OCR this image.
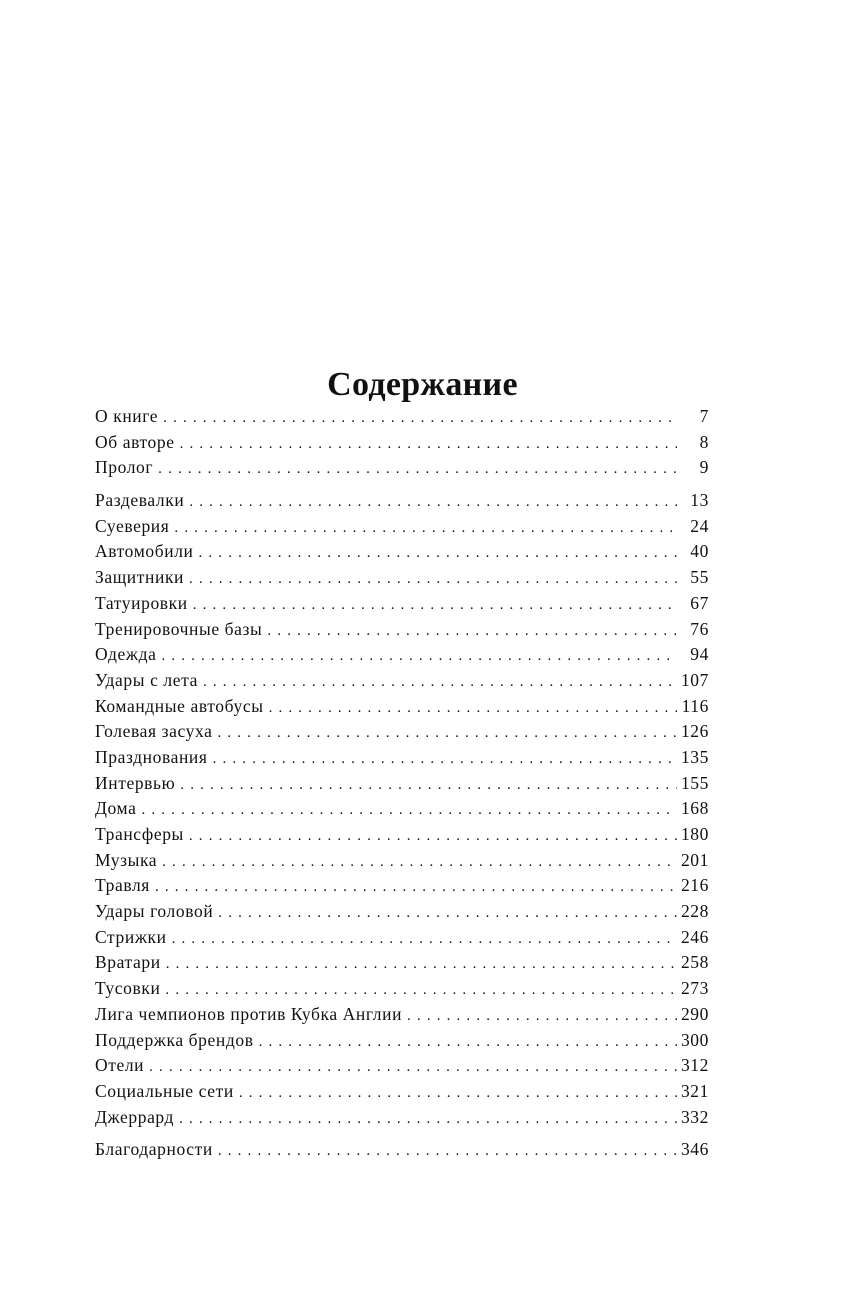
Содержание
О книге . . .	7
Об авторе . . .	8
Пролог . . .	9
Раздевалки . . .	13
Суеверия . . .	24
Автомобили . . .	40
Защитники . . .	55
Татуировки . . .	67
Тренировочные базы . . .	76
Одежда . . .	94
Удары с лета . . .	107
Командные автобусы . . .	116
Голевая засуха . . .	126
Празднования . . .	135
Интервью . . .	155
Дома . . .	168
Трансферы . . .	180
Музыка . . .	201
Травля . . .	216
Удары головой . . .	228
Стрижки . . .	246
Вратари . . .	258
Тусовки . . .	273
Лига чемпионов против Кубка Англии . . .	290
Поддержка брендов . . .	300
Отели . . .	312
Социальные сети . . .	321
Джеррард . . .	332
Благодарности . . .	346
